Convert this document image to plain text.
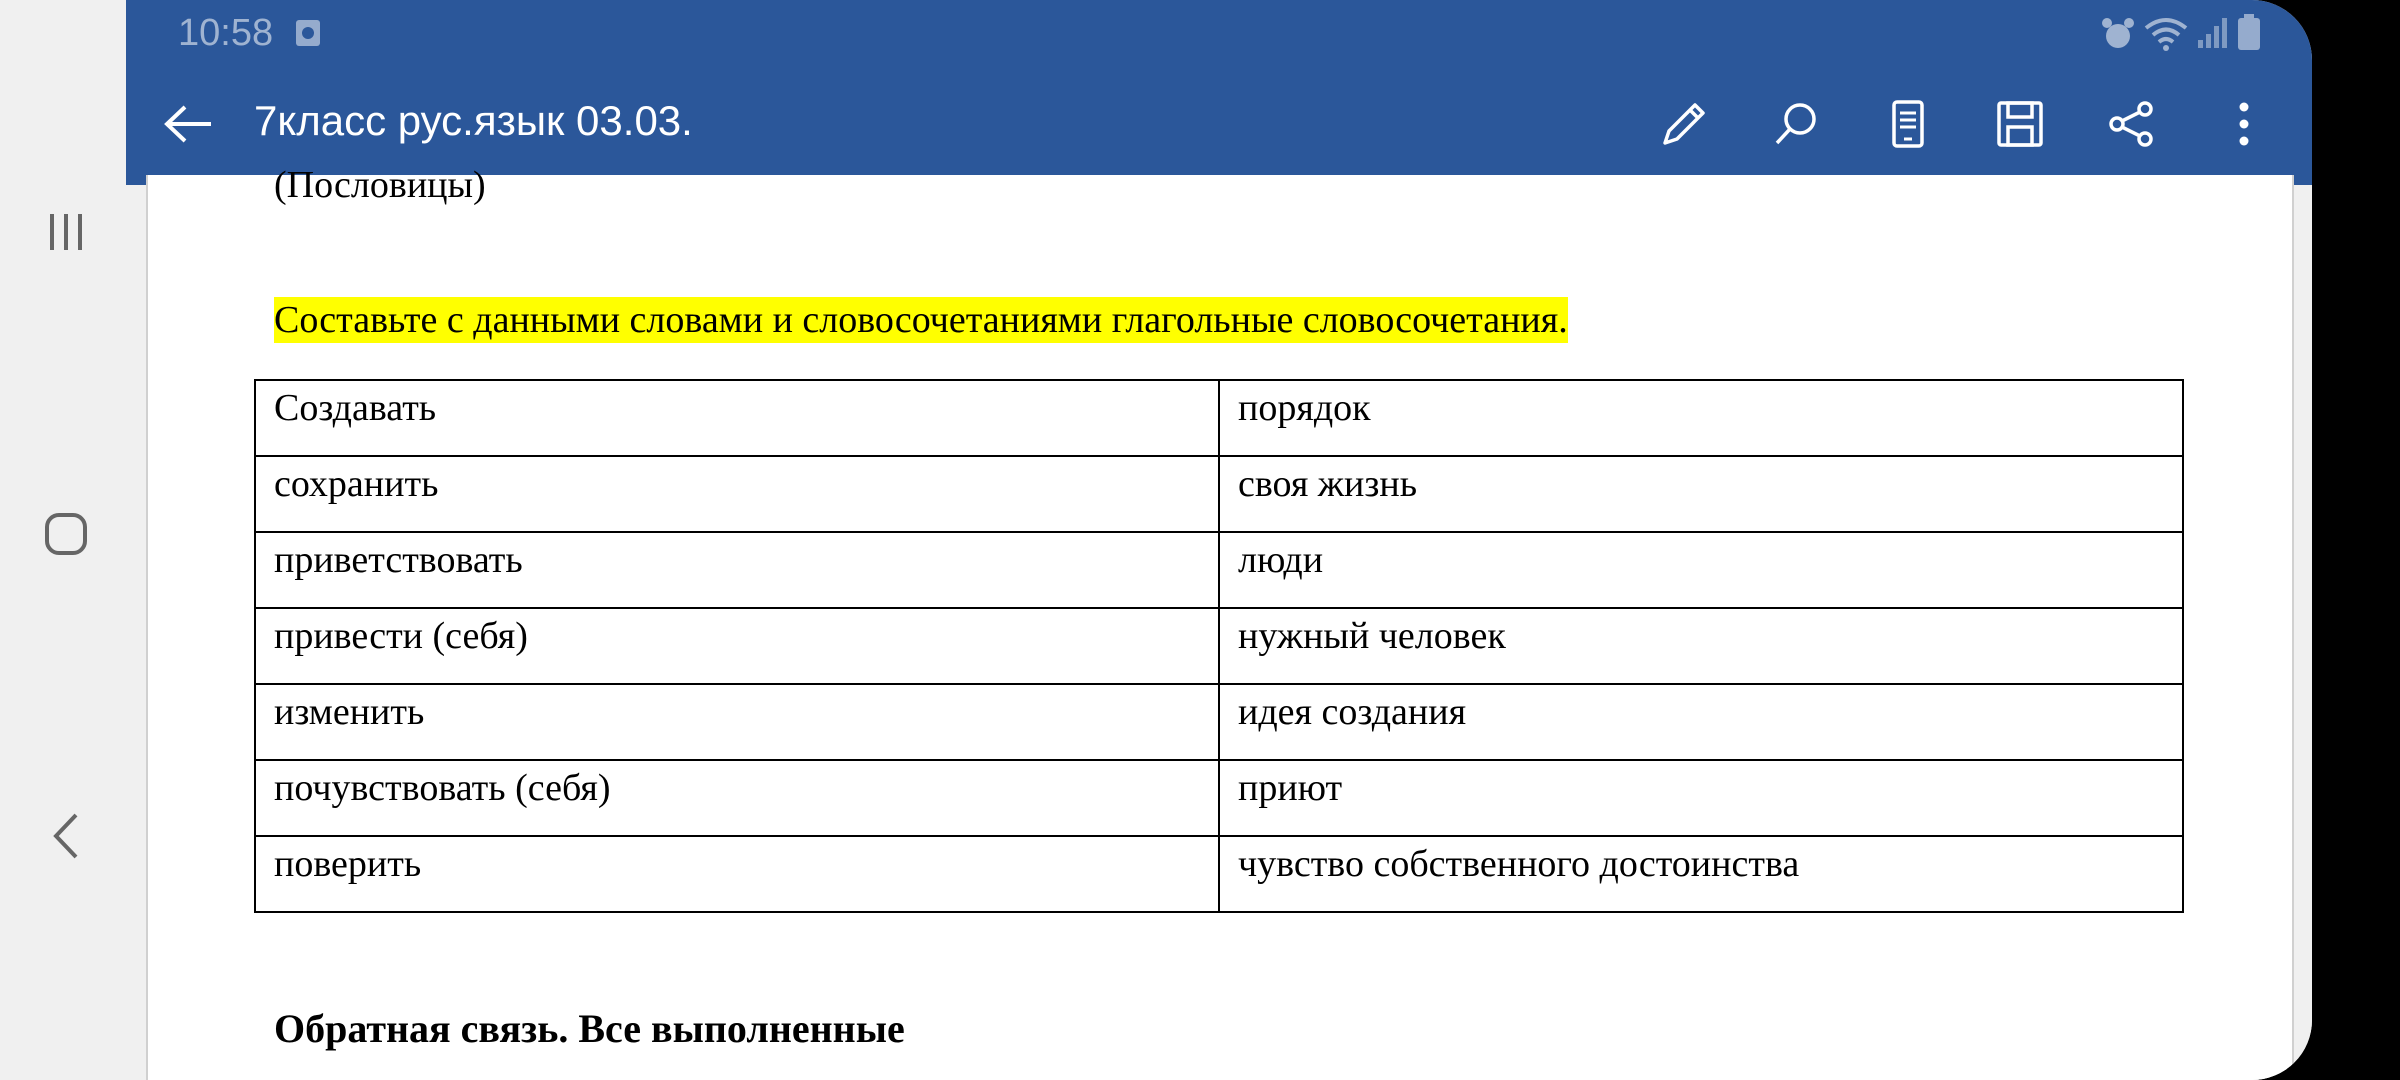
10:58
7класс рус.язык 03.03.
(Пословицы)
Составьте с данными словами и словосочетаниями глагольные словосочетания.
Создавать	порядок
сохранить	своя жизнь
приветствовать	люди
привести (себя)	нужный человек
изменить	идея создания
почувствовать (себя)	приют
поверить	чувство собственного достоинства
Обратная связь. Все выполненные
